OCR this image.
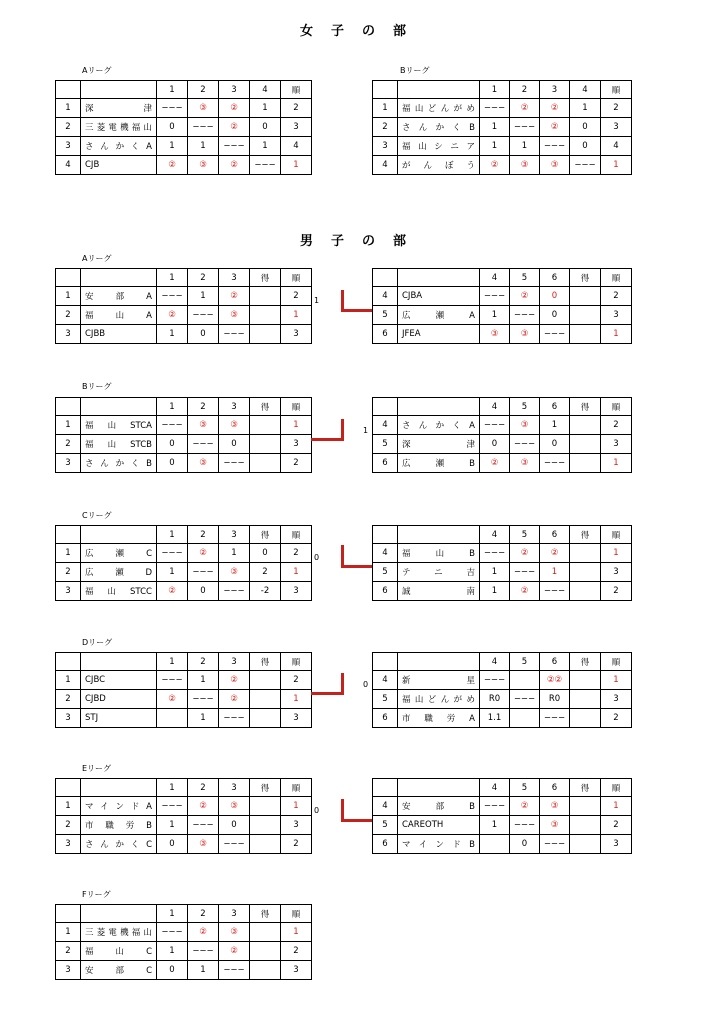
女子の部
Aリーグ
		1	2	3	4	順
1	深津	−−−	③	②	1	2
2	三菱電機福山	0	−−−	②	0	3
3	さんかくA	1	1	−−−	1	4
4	CJB	②	③	②	−−−	1
Bリーグ
		1	2	3	4	順
1	福山どんがめ	−−−	②	②	1	2
2	さんかくB	1	−−−	②	0	3
3	福山シニア	1	1	−−−	0	4
4	がんぼう	②	③	③	−−−	1
男子の部
Aリーグ
		1	2	3	得	順
1	安部A	−−−	1	②		2
2	福山A	②	−−−	③		1
3	CJBB	1	0	−−−		3
1
		4	5	6	得	順
4	CJBA	−−−	②	0		2
5	広瀬A	1	−−−	0		3
6	JFEA	③	③	−−−		1
Bリーグ
		1	2	3	得	順
1	福山STCA	−−−	③	③		1
2	福山STCB	0	−−−	0		3
3	さんかくB	0	③	−−−		2
1
		4	5	6	得	順
4	さんかくA	−−−	③	1		2
5	深津	0	−−−	0		3
6	広瀬B	②	③	−−−		1
Cリーグ
		1	2	3	得	順
1	広瀬C	−−−	②	1	0	2
2	広瀬D	1	−−−	③	2	1
3	福山STCC	②	0	−−−	-2	3
0
		4	5	6	得	順
4	福山B	−−−	②	②		1
5	テニ吉	1	−−−	1		3
6	誠南	1	②	−−−		2
Dリーグ
		1	2	3	得	順
1	CJBC	−−−	1	②		2
2	CJBD	②	−−−	②		1
3	STJ		1	−−−		3
0
		4	5	6	得	順
4	新星	−−−		②②		1
5	福山どんがめ	R0	−−−	R0		3
6	市職労A	1.1		−−−		2
Eリーグ
		1	2	3	得	順
1	マインドA	−−−	②	③		1
2	市職労B	1	−−−	0		3
3	さんかくC	0	③	−−−		2
0
		4	5	6	得	順
4	安部B	−−−	②	③		1
5	CAREOTH	1	−−−	③		2
6	マインドB		0	−−−		3
Fリーグ
		1	2	3	得	順
1	三菱電機福山	−−−	②	③		1
2	福山C	1	−−−	②		2
3	安部C	0	1	−−−		3
